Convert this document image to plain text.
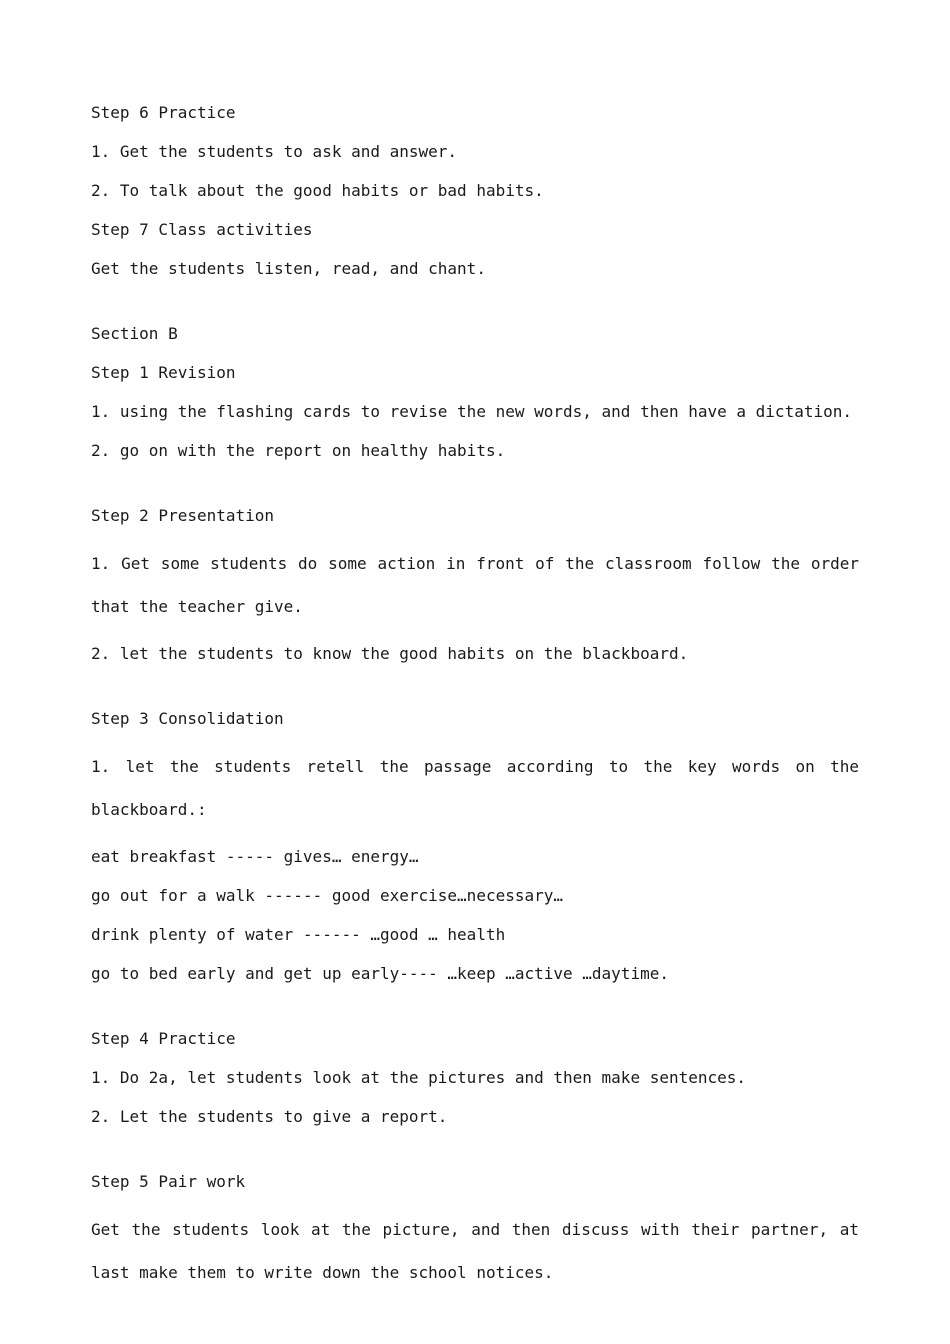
Step 6 Practice
1. Get the students to ask and answer.
2. To talk about the good habits or bad habits.
Step 7 Class activities
Get the students listen, read, and chant.
Section B
Step 1 Revision
1. using the flashing cards to revise the new words, and then have a dictation.
2. go on with the report on healthy habits.
Step 2 Presentation
1. Get some students do some action in front of the classroom follow the order that the teacher give.
2. let the students to know the good habits on the blackboard.
Step 3 Consolidation
1. let the students retell the passage according to the key words on the blackboard.:
eat breakfast ----- gives… energy…
go out for a walk ------ good exercise…necessary…
drink plenty of water ------ …good … health
go to bed early and get up early---- …keep …active …daytime.
Step 4 Practice
1. Do 2a, let students look at the pictures and then make sentences.
2. Let the students to give a report.
Step 5 Pair work
Get the students look at the picture, and then discuss with their partner, at last make them to write down the school notices.
